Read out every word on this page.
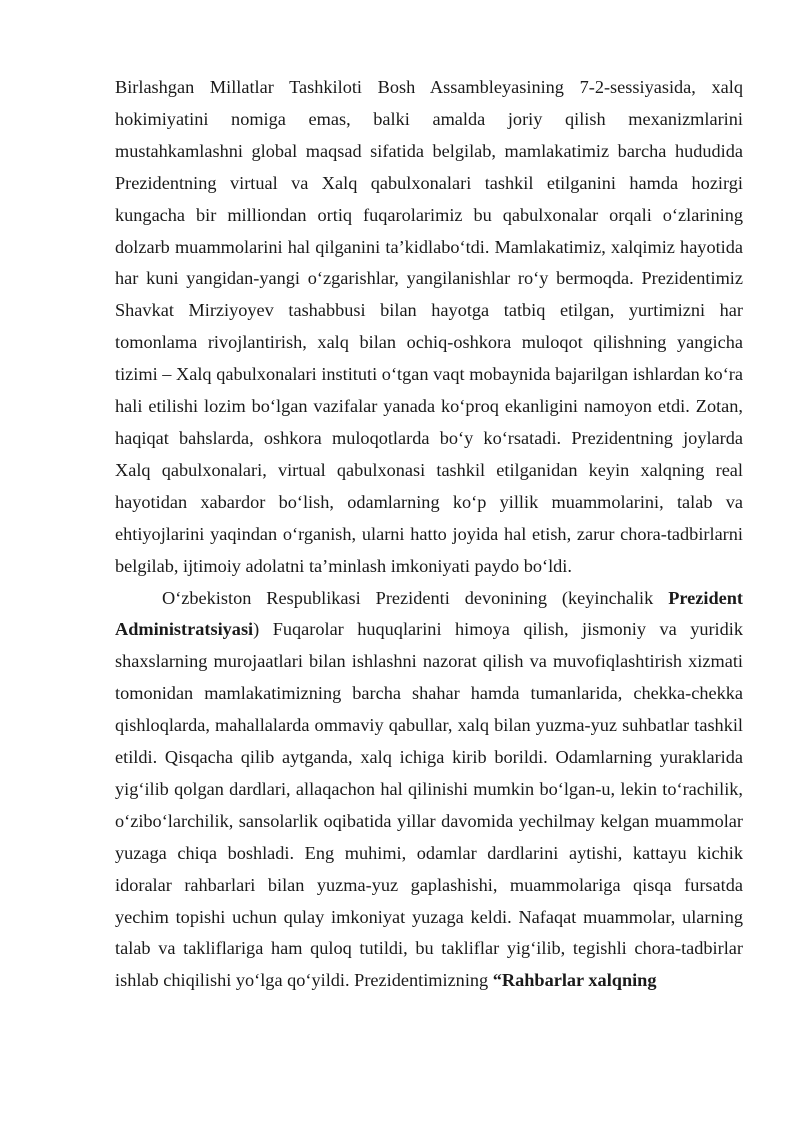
Birlashgan Millatlar Tashkiloti Bosh Assambleyasining 7-2-sessiyasida, xalq hokimiyatini nomiga emas, balki amalda joriy qilish mexanizmlarini mustahkamlashni global maqsad sifatida belgilab, mamlakatimiz barcha hududida Prezidentning virtual va Xalq qabulxonalari tashkil etilganini hamda hozirgi kungacha bir milliondan ortiq fuqarolarimiz bu qabulxonalar orqali o‘zlarining dolzarb muammolarini hal qilganini ta’kidlabo‘tdi. Mamlakatimiz, xalqimiz hayotida har kuni yangidan-yangi o‘zgarishlar, yangilanishlar ro‘y bermoqda. Prezidentimiz Shavkat Mirziyoyev tashabbusi bilan hayotga tatbiq etilgan, yurtimizni har tomonlama rivojlantirish, xalq bilan ochiq-oshkora muloqot qilishning yangicha tizimi – Xalq qabulxonalari instituti o‘tgan vaqt mobaynida bajarilgan ishlardan ko‘ra hali etilishi lozim bo‘lgan vazifalar yanada ko‘proq ekanligini namoyon etdi. Zotan, haqiqat bahslarda, oshkora muloqotlarda bo‘y ko‘rsatadi. Prezidentning joylarda Xalq qabulxonalari, virtual qabulxonasi tashkil etilganidan keyin xalqning real hayotidan xabardor bo‘lish, odamlarning ko‘p yillik muammolarini, talab va ehtiyojlarini yaqindan o‘rganish, ularni hatto joyida hal etish, zarur chora-tadbirlarni belgilab, ijtimoiy adolatni ta’minlash imkoniyati paydo bo‘ldi.

O‘zbekiston Respublikasi Prezidenti devonining (keyinchalik Prezident Administratsiyasi) Fuqarolar huquqlarini himoya qilish, jismoniy va yuridik shaxslarning murojaatlari bilan ishlashni nazorat qilish va muvofiqlashtirish xizmati tomonidan mamlakatimizning barcha shahar hamda tumanlarida, chekka-chekka qishloqlarda, mahallalarda ommaviy qabullar, xalq bilan yuzma-yuz suhbatlar tashkil etildi. Qisqacha qilib aytganda, xalq ichiga kirib borildi. Odamlarning yuraklarida yig‘ilib qolgan dardlari, allaqachon hal qilinishi mumkin bo‘lgan-u, lekin to‘rachilik, o‘zibo‘larchilik, sansolarlik oqibatida yillar davomida yechilmay kelgan muammolar yuzaga chiqa boshladi. Eng muhimi, odamlar dardlarini aytishi, kattayu kichik idoralar rahbarlari bilan yuzma-yuz gaplashishi, muammolariga qisqa fursatda yechim topishi uchun qulay imkoniyat yuzaga keldi. Nafaqat muammolar, ularning talab va takliflariga ham quloq tutildi, bu takliflar yig‘ilib, tegishli chora-tadbirlar ishlab chiqilishi yo‘lga qo‘yildi. Prezidentimizning “Rahbarlar xalqning
